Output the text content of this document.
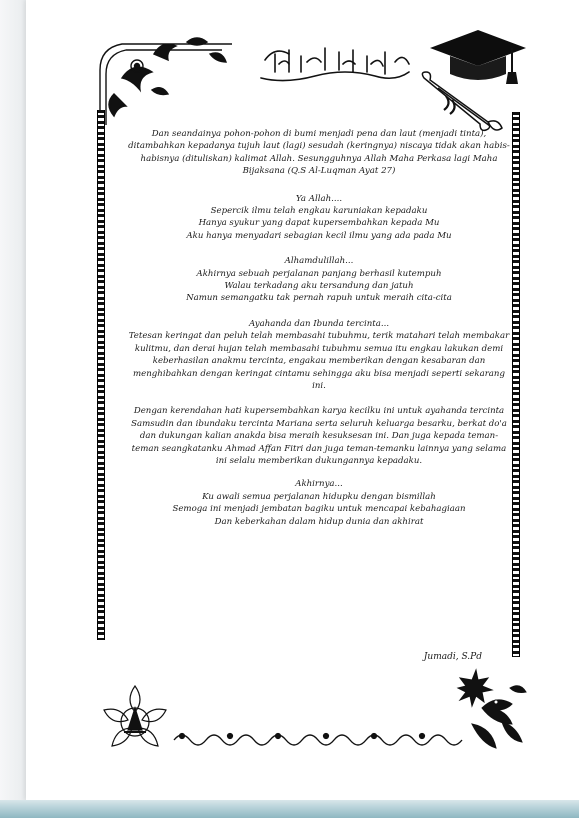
Dan seandainya pohon-pohon di bumi menjadi pena dan laut (menjadi tinta), ditambahkan kepadanya tujuh laut (lagi) sesudah (keringnya) niscaya tidak akan habis-habisnya (dituliskan) kalimat Allah. Sesungguhnya Allah Maha Perkasa lagi Maha Bijaksana (Q.S Al-Luqman Ayat 27)

Ya Allah....

Sepercik ilmu telah engkau karuniakan kepadaku

Hanya syukur yang dapat kupersembahkan kepada Mu

Aku hanya menyadari sebagian kecil ilmu yang ada pada Mu

Alhamdulillah...

Akhirnya sebuah perjalanan panjang berhasil kutempuh

Walau terkadang aku tersandung dan jatuh

Namun semangatku tak pernah rapuh untuk meraih cita-cita

Ayahanda dan Ibunda tercinta...

Tetesan keringat dan peluh telah membasahi tubuhmu, terik matahari telah membakar kulitmu, dan derai hujan telah membasahi tubuhmu semua itu engkau lakukan demi keberhasilan anakmu tercinta, engakau memberikan dengan kesabaran dan menghibahkan dengan keringat cintamu sehingga aku bisa menjadi seperti sekarang ini.

Dengan kerendahan hati kupersembahkan karya kecilku ini untuk ayahanda tercinta Samsudin dan ibundaku tercinta Mariana serta seluruh keluarga besarku, berkat do'a dan dukungan kalian anakda bisa meraih kesuksesan ini. Dan juga kepada teman-teman seangkatanku Ahmad Affan Fitri dan juga teman-temanku lainnya yang selama ini selalu memberikan dukungannya kepadaku.

Akhirnya...

Ku awali semua perjalanan hidupku dengan bismillah

Semoga ini menjadi jembatan bagiku untuk mencapai kebahagiaan

Dan keberkahan dalam hidup dunia dan akhirat

Jumadi, S.Pd
